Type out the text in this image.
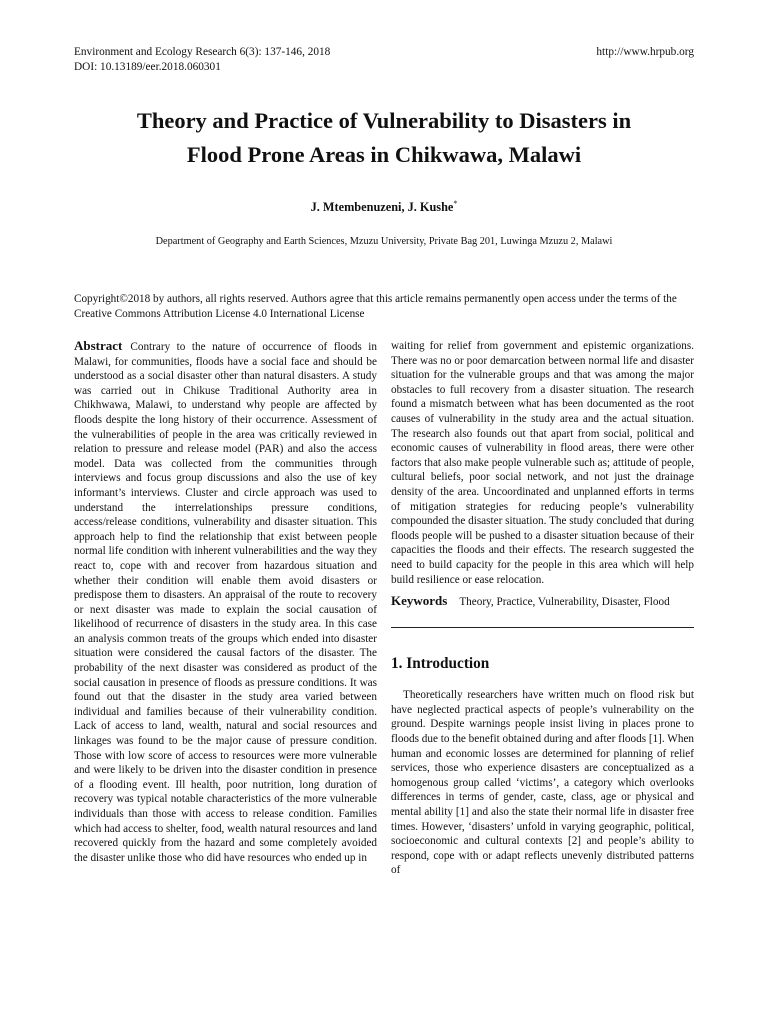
Environment and Ecology Research 6(3): 137-146, 2018
DOI: 10.13189/eer.2018.060301
http://www.hrpub.org
Theory and Practice of Vulnerability to Disasters in
Flood Prone Areas in Chikwawa, Malawi
J. Mtembenuzeni, J. Kushe*
Department of Geography and Earth Sciences, Mzuzu University, Private Bag 201, Luwinga Mzuzu 2, Malawi
Copyright©2018 by authors, all rights reserved. Authors agree that this article remains permanently open access under the terms of the Creative Commons Attribution License 4.0 International License

Abstract Contrary to the nature of occurrence of floods in Malawi, for communities, floods have a social face and should be understood as a social disaster other than natural disasters. A study was carried out in Chikuse Traditional Authority area in Chikhwawa, Malawi, to understand why people are affected by floods despite the long history of their occurrence. Assessment of the vulnerabilities of people in the area was critically reviewed in relation to pressure and release model (PAR) and also the access model. Data was collected from the communities through interviews and focus group discussions and also the use of key informant’s interviews. Cluster and circle approach was used to understand the interrelationships pressure conditions, access/release conditions, vulnerability and disaster situation. This approach help to find the relationship that exist between people normal life condition with inherent vulnerabilities and the way they react to, cope with and recover from hazardous situation and whether their condition will enable them avoid disasters or predispose them to disasters. An appraisal of the route to recovery or next disaster was made to explain the social causation of likelihood of recurrence of disasters in the study area. In this case an analysis common treats of the groups which ended into disaster situation were considered the causal factors of the disaster. The probability of the next disaster was considered as product of the social causation in presence of floods as pressure conditions. It was found out that the disaster in the study area varied between individual and families because of their vulnerability condition. Lack of access to land, wealth, natural and social resources and linkages was found to be the major cause of pressure condition. Those with low score of access to resources were more vulnerable and were likely to be driven into the disaster condition in presence of a flooding event. Ill health, poor nutrition, long duration of recovery was typical notable characteristics of the more vulnerable individuals than those with access to release condition. Families which had access to shelter, food, wealth natural resources and land recovered quickly from the hazard and some completely avoided the disaster unlike those who did have resources who ended up in

waiting for relief from government and epistemic organizations. There was no or poor demarcation between normal life and disaster situation for the vulnerable groups and that was among the major obstacles to full recovery from a disaster situation. The research found a mismatch between what has been documented as the root causes of vulnerability in the study area and the actual situation. The research also founds out that apart from social, political and economic causes of vulnerability in flood areas, there were other factors that also make people vulnerable such as; attitude of people, cultural beliefs, poor social network, and not just the drainage density of the area. Uncoordinated and unplanned efforts in terms of mitigation strategies for reducing people’s vulnerability compounded the disaster situation. The study concluded that during floods people will be pushed to a disaster situation because of their capacities the floods and their effects. The research suggested the need to build capacity for the people in this area which will help build resilience or ease relocation.

Keywords Theory, Practice, Vulnerability, Disaster, Flood

1. Introduction

Theoretically researchers have written much on flood risk but have neglected practical aspects of people’s vulnerability on the ground. Despite warnings people insist living in places prone to floods due to the benefit obtained during and after floods [1]. When human and economic losses are determined for planning of relief services, those who experience disasters are conceptualized as a homogenous group called ‘victims’, a category which overlooks differences in terms of gender, caste, class, age or physical and mental ability [1] and also the state their normal life in disaster free times. However, ‘disasters’ unfold in varying geographic, political, socioeconomic and cultural contexts [2] and people’s ability to respond, cope with or adapt reflects unevenly distributed patterns of
